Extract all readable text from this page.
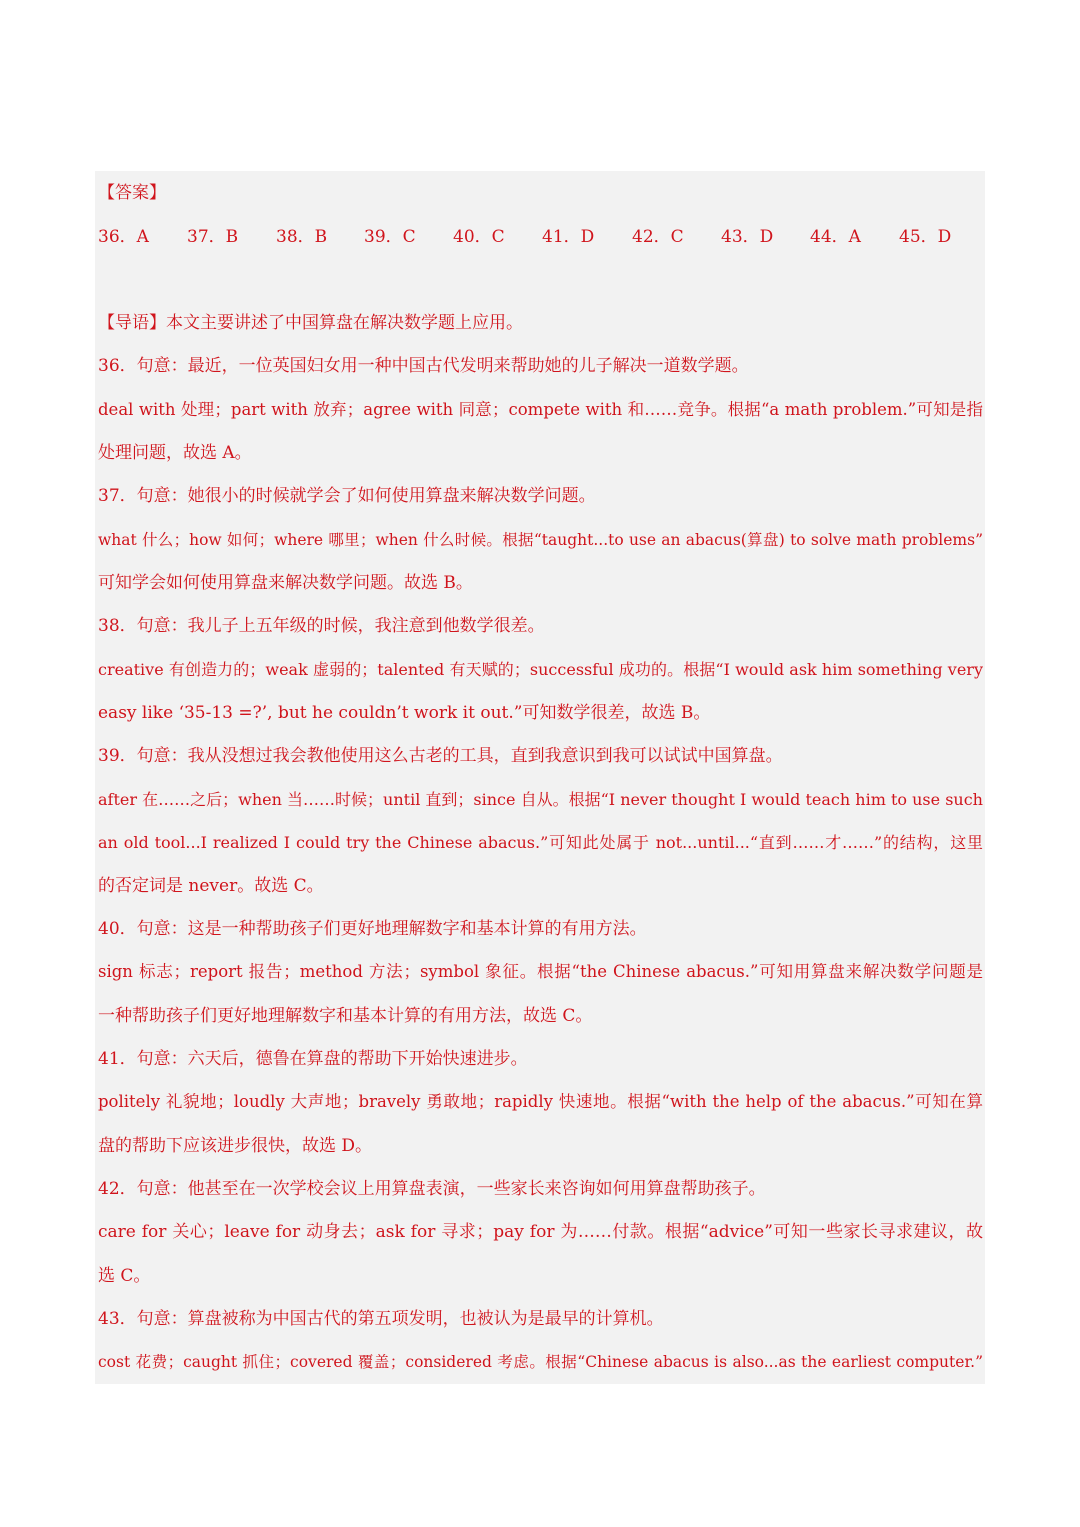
【答案】
36．A 37．B 38．B 39．C 40．C 41．D 42．C 43．D 44．A 45．D
【导语】本文主要讲述了中国算盘在解决数学题上应用。
36．句意：最近，一位英国妇女用一种中国古代发明来帮助她的儿子解决一道数学题。
deal with 处理；part with 放弃；agree with 同意；compete with 和……竞争。根据“a math problem.”可知是指
处理问题，故选 A。
37．句意：她很小的时候就学会了如何使用算盘来解决数学问题。
what 什么；how 如何；where 哪里；when 什么时候。根据“taught...to use an abacus(算盘) to solve math problems”
可知学会如何使用算盘来解决数学问题。故选 B。
38．句意：我儿子上五年级的时候，我注意到他数学很差。
creative 有创造力的；weak 虚弱的；talented 有天赋的；successful 成功的。根据“I would ask him something very
easy like ‘35-13 =?’, but he couldn’t work it out.”可知数学很差，故选 B。
39．句意：我从没想过我会教他使用这么古老的工具，直到我意识到我可以试试中国算盘。
after 在……之后；when 当……时候；until 直到；since 自从。根据“I never thought I would teach him to use such
an old tool...I realized I could try the Chinese abacus.”可知此处属于 not...until...“直到……才……”的结构，这里
的否定词是 never。故选 C。
40．句意：这是一种帮助孩子们更好地理解数字和基本计算的有用方法。
sign 标志；report 报告；method 方法；symbol 象征。根据“the Chinese abacus.”可知用算盘来解决数学问题是
一种帮助孩子们更好地理解数字和基本计算的有用方法，故选 C。
41．句意：六天后，德鲁在算盘的帮助下开始快速进步。
politely 礼貌地；loudly 大声地；bravely 勇敢地；rapidly 快速地。根据“with the help of the abacus.”可知在算
盘的帮助下应该进步很快，故选 D。
42．句意：他甚至在一次学校会议上用算盘表演，一些家长来咨询如何用算盘帮助孩子。
care for 关心；leave for 动身去；ask for 寻求；pay for 为……付款。根据“advice”可知一些家长寻求建议，故
选 C。
43．句意：算盘被称为中国古代的第五项发明，也被认为是最早的计算机。
cost 花费；caught 抓住；covered 覆盖；considered 考虑。根据“Chinese abacus is also...as the earliest computer.”
